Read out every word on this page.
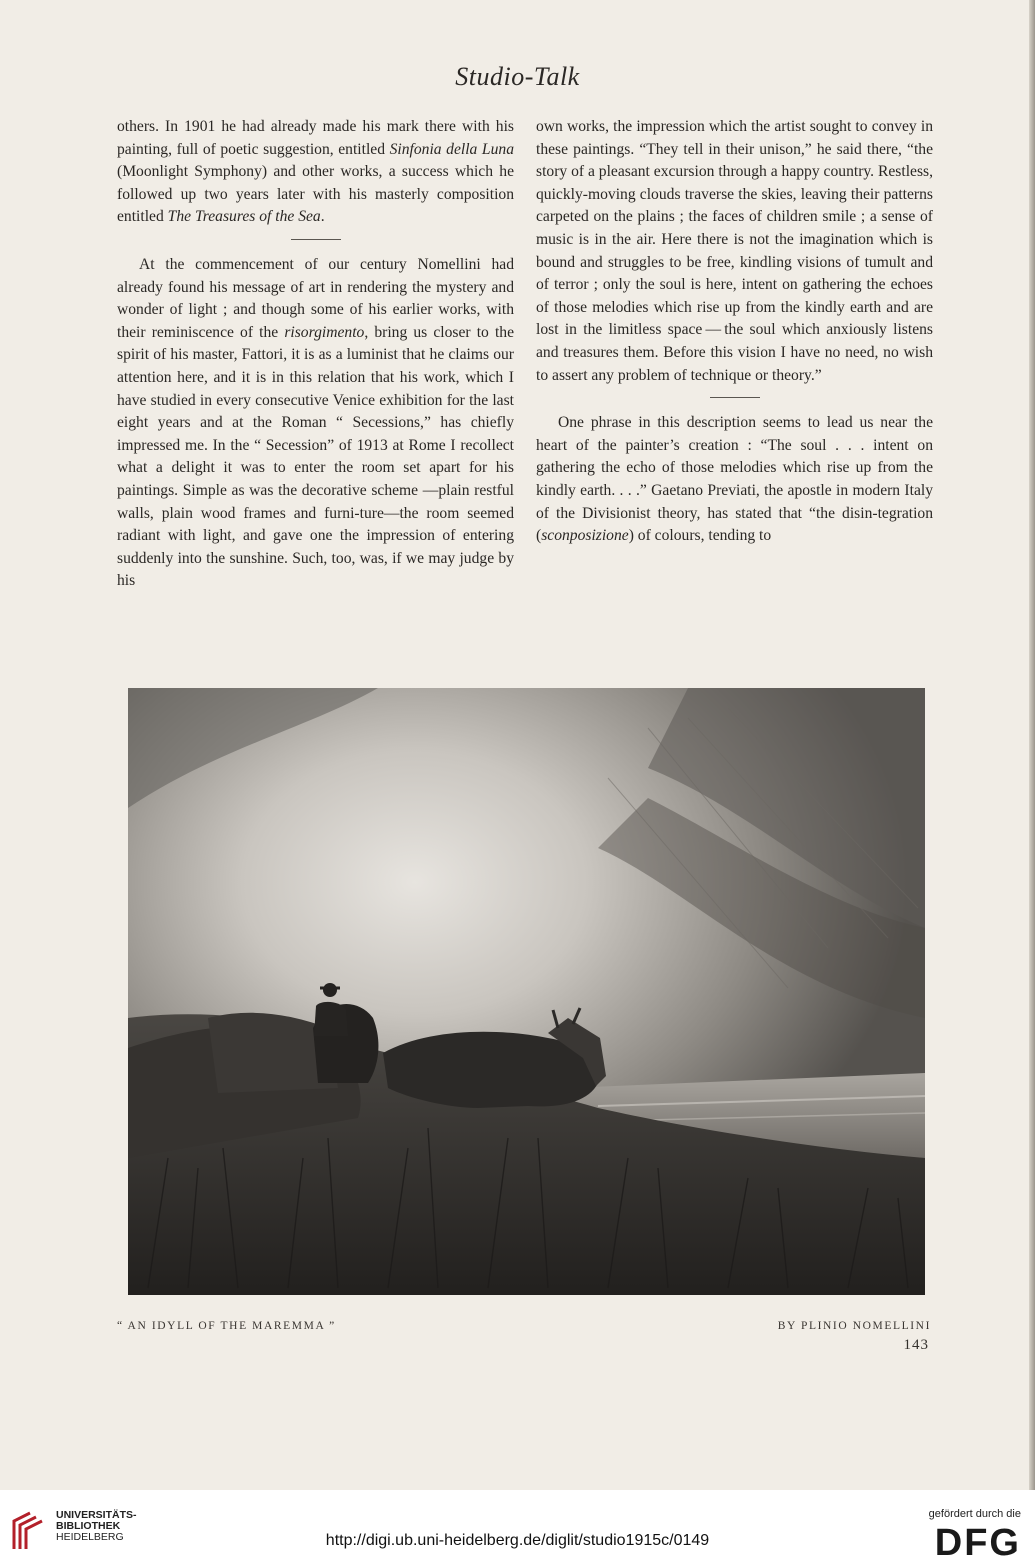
Studio-Talk

others. In 1901 he had already made his mark there with his painting, full of poetic suggestion, entitled Sinfonia della Luna (Moonlight Symphony) and other works, a success which he followed up two years later with his masterly composition entitled The Treasures of the Sea.

At the commencement of our century Nomellini had already found his message of art in rendering the mystery and wonder of light ; and though some of his earlier works, with their reminiscence of the risorgimento, bring us closer to the spirit of his master, Fattori, it is as a luminist that he claims our attention here, and it is in this relation that his work, which I have studied in every consecutive Venice exhibition for the last eight years and at the Roman “ Secessions,” has chiefly impressed me. In the “ Secession” of 1913 at Rome I recollect what a delight it was to enter the room set apart for his paintings. Simple as was the decorative scheme —plain restful walls, plain wood frames and furni-ture—the room seemed radiant with light, and gave one the impression of entering suddenly into the sunshine. Such, too, was, if we may judge by his

own works, the impression which the artist sought to convey in these paintings. “They tell in their unison,” he said there, “the story of a pleasant excursion through a happy country. Restless, quickly-moving clouds traverse the skies, leaving their patterns carpeted on the plains ; the faces of children smile ; a sense of music is in the air. Here there is not the imagination which is bound and struggles to be free, kindling visions of tumult and of terror ; only the soul is here, intent on gathering the echoes of those melodies which rise up from the kindly earth and are lost in the limitless space — the soul which anxiously listens and treasures them. Before this vision I have no need, no wish to assert any problem of technique or theory.”

One phrase in this description seems to lead us near the heart of the painter’s creation : “The soul . . . intent on gathering the echo of those melodies which rise up from the kindly earth. . . .” Gaetano Previati, the apostle in modern Italy of the Divisionist theory, has stated that “the disin-tegration (sconposizione) of colours, tending to

“ AN IDYLL OF THE MAREMMA ”	BY PLINIO NOMELLINI
143
UNIVERSITÄTS-
BIBLIOTHEK
HEIDELBERG	http://digi.ub.uni-heidelberg.de/diglit/studio1915c/0149
gefördert durch die
DFG
